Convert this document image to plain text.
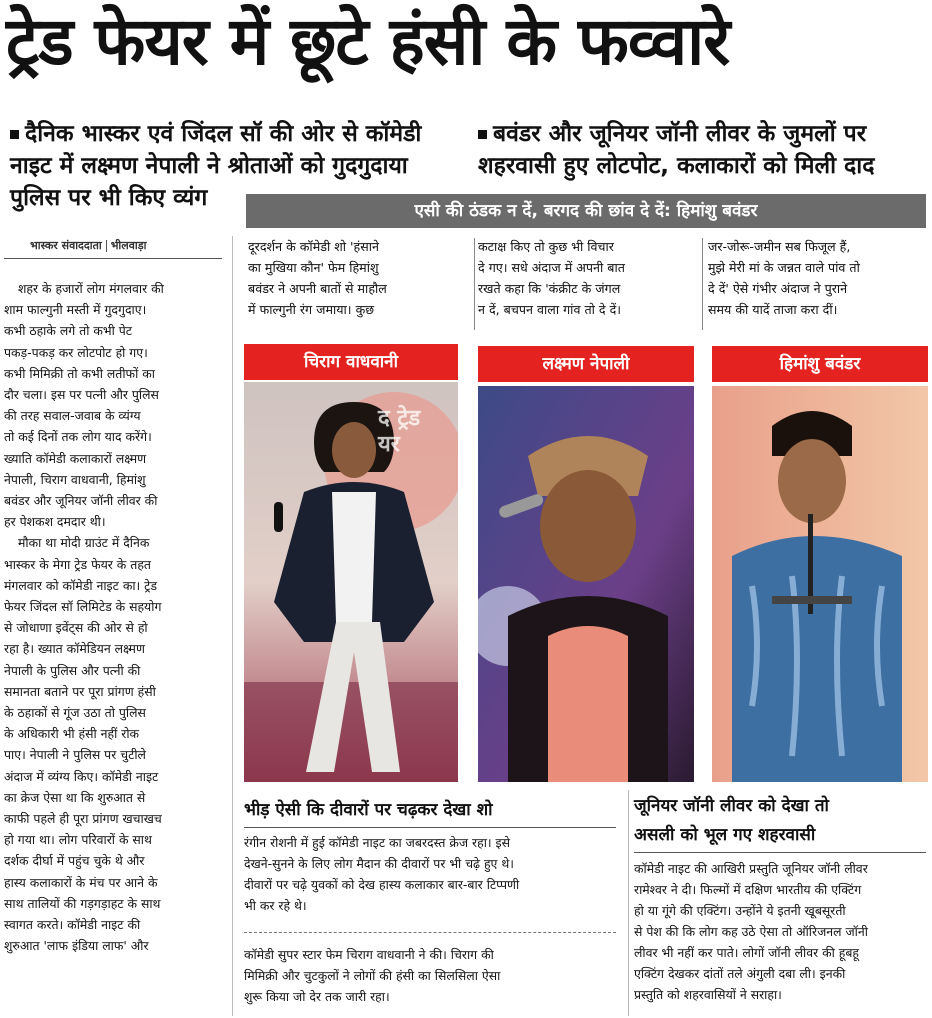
ट्रेड फेयर में छूटे हंसी के फव्वारे
दैनिक भास्कर एवं जिंदल सॉ की ओर से कॉमेडी
नाइट में लक्ष्मण नेपाली ने श्रोताओं को गुदगुदाया
पुलिस पर भी किए व्यंग
बवंडर और जूनियर जॉनी लीवर के जुमलों पर
शहरवासी हुए लोटपोट, कलाकारों को मिली दाद
एसी की ठंडक न दें, बरगद की छांव दे दें: हिमांशु बवंडर
भास्कर संवाददाता भीलवाड़ा	दूरदर्शन के कॉमेडी शो 'हंसाने
का मुखिया कौन' फेम हिमांशु
बवंडर ने अपनी बातों से माहौल
में फाल्गुनी रंग जमाया। कुछ
कटाक्ष किए तो कुछ भी विचार
दे गए। सधे अंदाज में अपनी बात
रखते कहा कि 'कंक्रीट के जंगल
न दें, बचपन वाला गांव तो दे दें।
जर-जोरू-जमीन सब फिजूल हैं,
मुझे मेरी मां के जन्नत वाले पांव तो
दे दें' ऐसे गंभीर अंदाज ने पुराने
समय की यादें ताजा करा दीं।
शहर के हजारों लोग मंगलवार की
शाम फाल्गुनी मस्ती में गुदगुदाए।
कभी ठहाके लगे तो कभी पेट
पकड़-पकड़ कर लोटपोट हो गए।
कभी मिमिक्री तो कभी लतीफों का
दौर चला। इस पर पत्नी और पुलिस
की तरह सवाल-जवाब के व्यंग्य
तो कई दिनों तक लोग याद करेंगे।
ख्याति कॉमेडी कलाकारों लक्ष्मण
नेपाली, चिराग वाधवानी, हिमांशु
बवंडर और जूनियर जॉनी लीवर की
हर पेशकश दमदार थी।
मौका था मोदी ग्राउंट में दैनिक
भास्कर के मेगा ट्रेड फेयर के तहत
मंगलवार को कॉमेडी नाइट का। ट्रेड
फेयर जिंदल सॉ लिमिटेड के सहयोग
से जोधाणा इवेंट्स की ओर से हो
रहा है। ख्यात कॉमेडियन लक्ष्मण
नेपाली के पुलिस और पत्नी की
समानता बताने पर पूरा प्रांगण हंसी
के ठहाकों से गूंज उठा तो पुलिस
के अधिकारी भी हंसी नहीं रोक
पाए। नेपाली ने पुलिस पर चुटीले
अंदाज में व्यंग्य किए। कॉमेडी नाइट
का क्रेज ऐसा था कि शुरुआत से
काफी पहले ही पूरा प्रांगण खचाखच
हो गया था। लोग परिवारों के साथ
दर्शक दीर्घा में पहुंच चुके थे और
हास्य कलाकारों के मंच पर आने के
साथ तालियों की गड़गड़ाहट के साथ
स्वागत करते। कॉमेडी नाइट की
शुरुआत 'लाफ इंडिया लाफ' और
चिराग वाधवानी	लक्ष्मण नेपाली	हिमांशु बवंडर
द ट्रेड
यर
भीड़ ऐसी कि दीवारों पर चढ़कर देखा शो
रंगीन रोशनी में हुई कॉमेडी नाइट का जबरदस्त क्रेज रहा। इसे
देखने-सुनने के लिए लोग मैदान की दीवारों पर भी चढ़े हुए थे।
दीवारों पर चढ़े युवकों को देख हास्य कलाकार बार-बार टिप्पणी
भी कर रहे थे।
कॉमेडी सुपर स्टार फेम चिराग वाधवानी ने की। चिराग की
मिमिक्री और चुटकुलों ने लोगों की हंसी का सिलसिला ऐसा
शुरू किया जो देर तक जारी रहा।
जूनियर जॉनी लीवर को देखा तो
असली को भूल गए शहरवासी
कॉमेडी नाइट की आखिरी प्रस्तुति जूनियर जॉनी लीवर
रामेश्वर ने दी। फिल्मों में दक्षिण भारतीय की एक्टिंग
हो या गूंगे की एक्टिंग। उन्होंने ये इतनी खूबसूरती
से पेश की कि लोग कह उठे ऐसा तो ऑरिजनल जॉनी
लीवर भी नहीं कर पाते। लोगों जॉनी लीवर की हूबहू
एक्टिंग देखकर दांतों तले अंगुली दबा ली। इनकी
प्रस्तुति को शहरवासियों ने सराहा।
